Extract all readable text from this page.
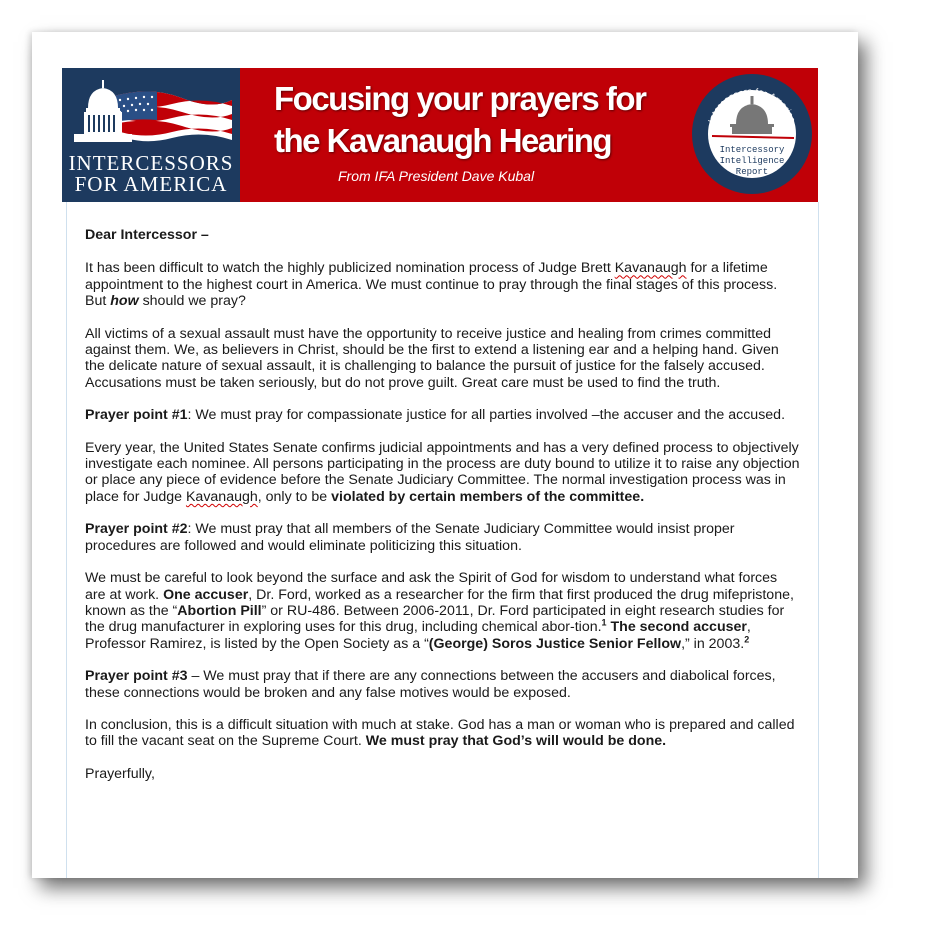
INTERCESSORS
FOR AMERICA
Focusing your prayers for
the Kavanaugh Hearing
From IFA President Dave Kubal
Intercessors for America
Intercessory
Intelligence
Report

Dear Intercessor –

It has been difficult to watch the highly publicized nomination process of Judge Brett Kavanaugh for a lifetime appointment to the highest court in America. We must continue to pray through the final stages of this process. But how should we pray?

All victims of a sexual assault must have the opportunity to receive justice and healing from crimes committed against them. We, as believers in Christ, should be the first to extend a listening ear and a helping hand. Given the delicate nature of sexual assault, it is challenging to balance the pursuit of justice for the falsely accused. Accusations must be taken seriously, but do not prove guilt. Great care must be used to find the truth.

Prayer point #1: We must pray for compassionate justice for all parties involved –the accuser and the accused.

Every year, the United States Senate confirms judicial appointments and has a very defined process to objectively investigate each nominee. All persons participating in the process are duty bound to utilize it to raise any objection or place any piece of evidence before the Senate Judiciary Committee. The normal investigation process was in place for Judge Kavanaugh, only to be violated by certain members of the committee.

Prayer point #2: We must pray that all members of the Senate Judiciary Committee would insist proper procedures are followed and would eliminate politicizing this situation.

We must be careful to look beyond the surface and ask the Spirit of God for wisdom to understand what forces are at work. One accuser, Dr. Ford, worked as a researcher for the firm that first produced the drug mifepristone, known as the “Abortion Pill” or RU-486. Between 2006-2011, Dr. Ford participated in eight research studies for the drug manufacturer in exploring uses for this drug, including chemical abor-tion.$^1$ The second accuser, Professor Ramirez, is listed by the Open Society as a “(George) Soros Justice Senior Fellow,” in 2003.$^2$

Prayer point #3 – We must pray that if there are any connections between the accusers and diabolical forces, these connections would be broken and any false motives would be exposed.

In conclusion, this is a difficult situation with much at stake. God has a man or woman who is prepared and called to fill the vacant seat on the Supreme Court. We must pray that God’s will would be done.

Prayerfully,
